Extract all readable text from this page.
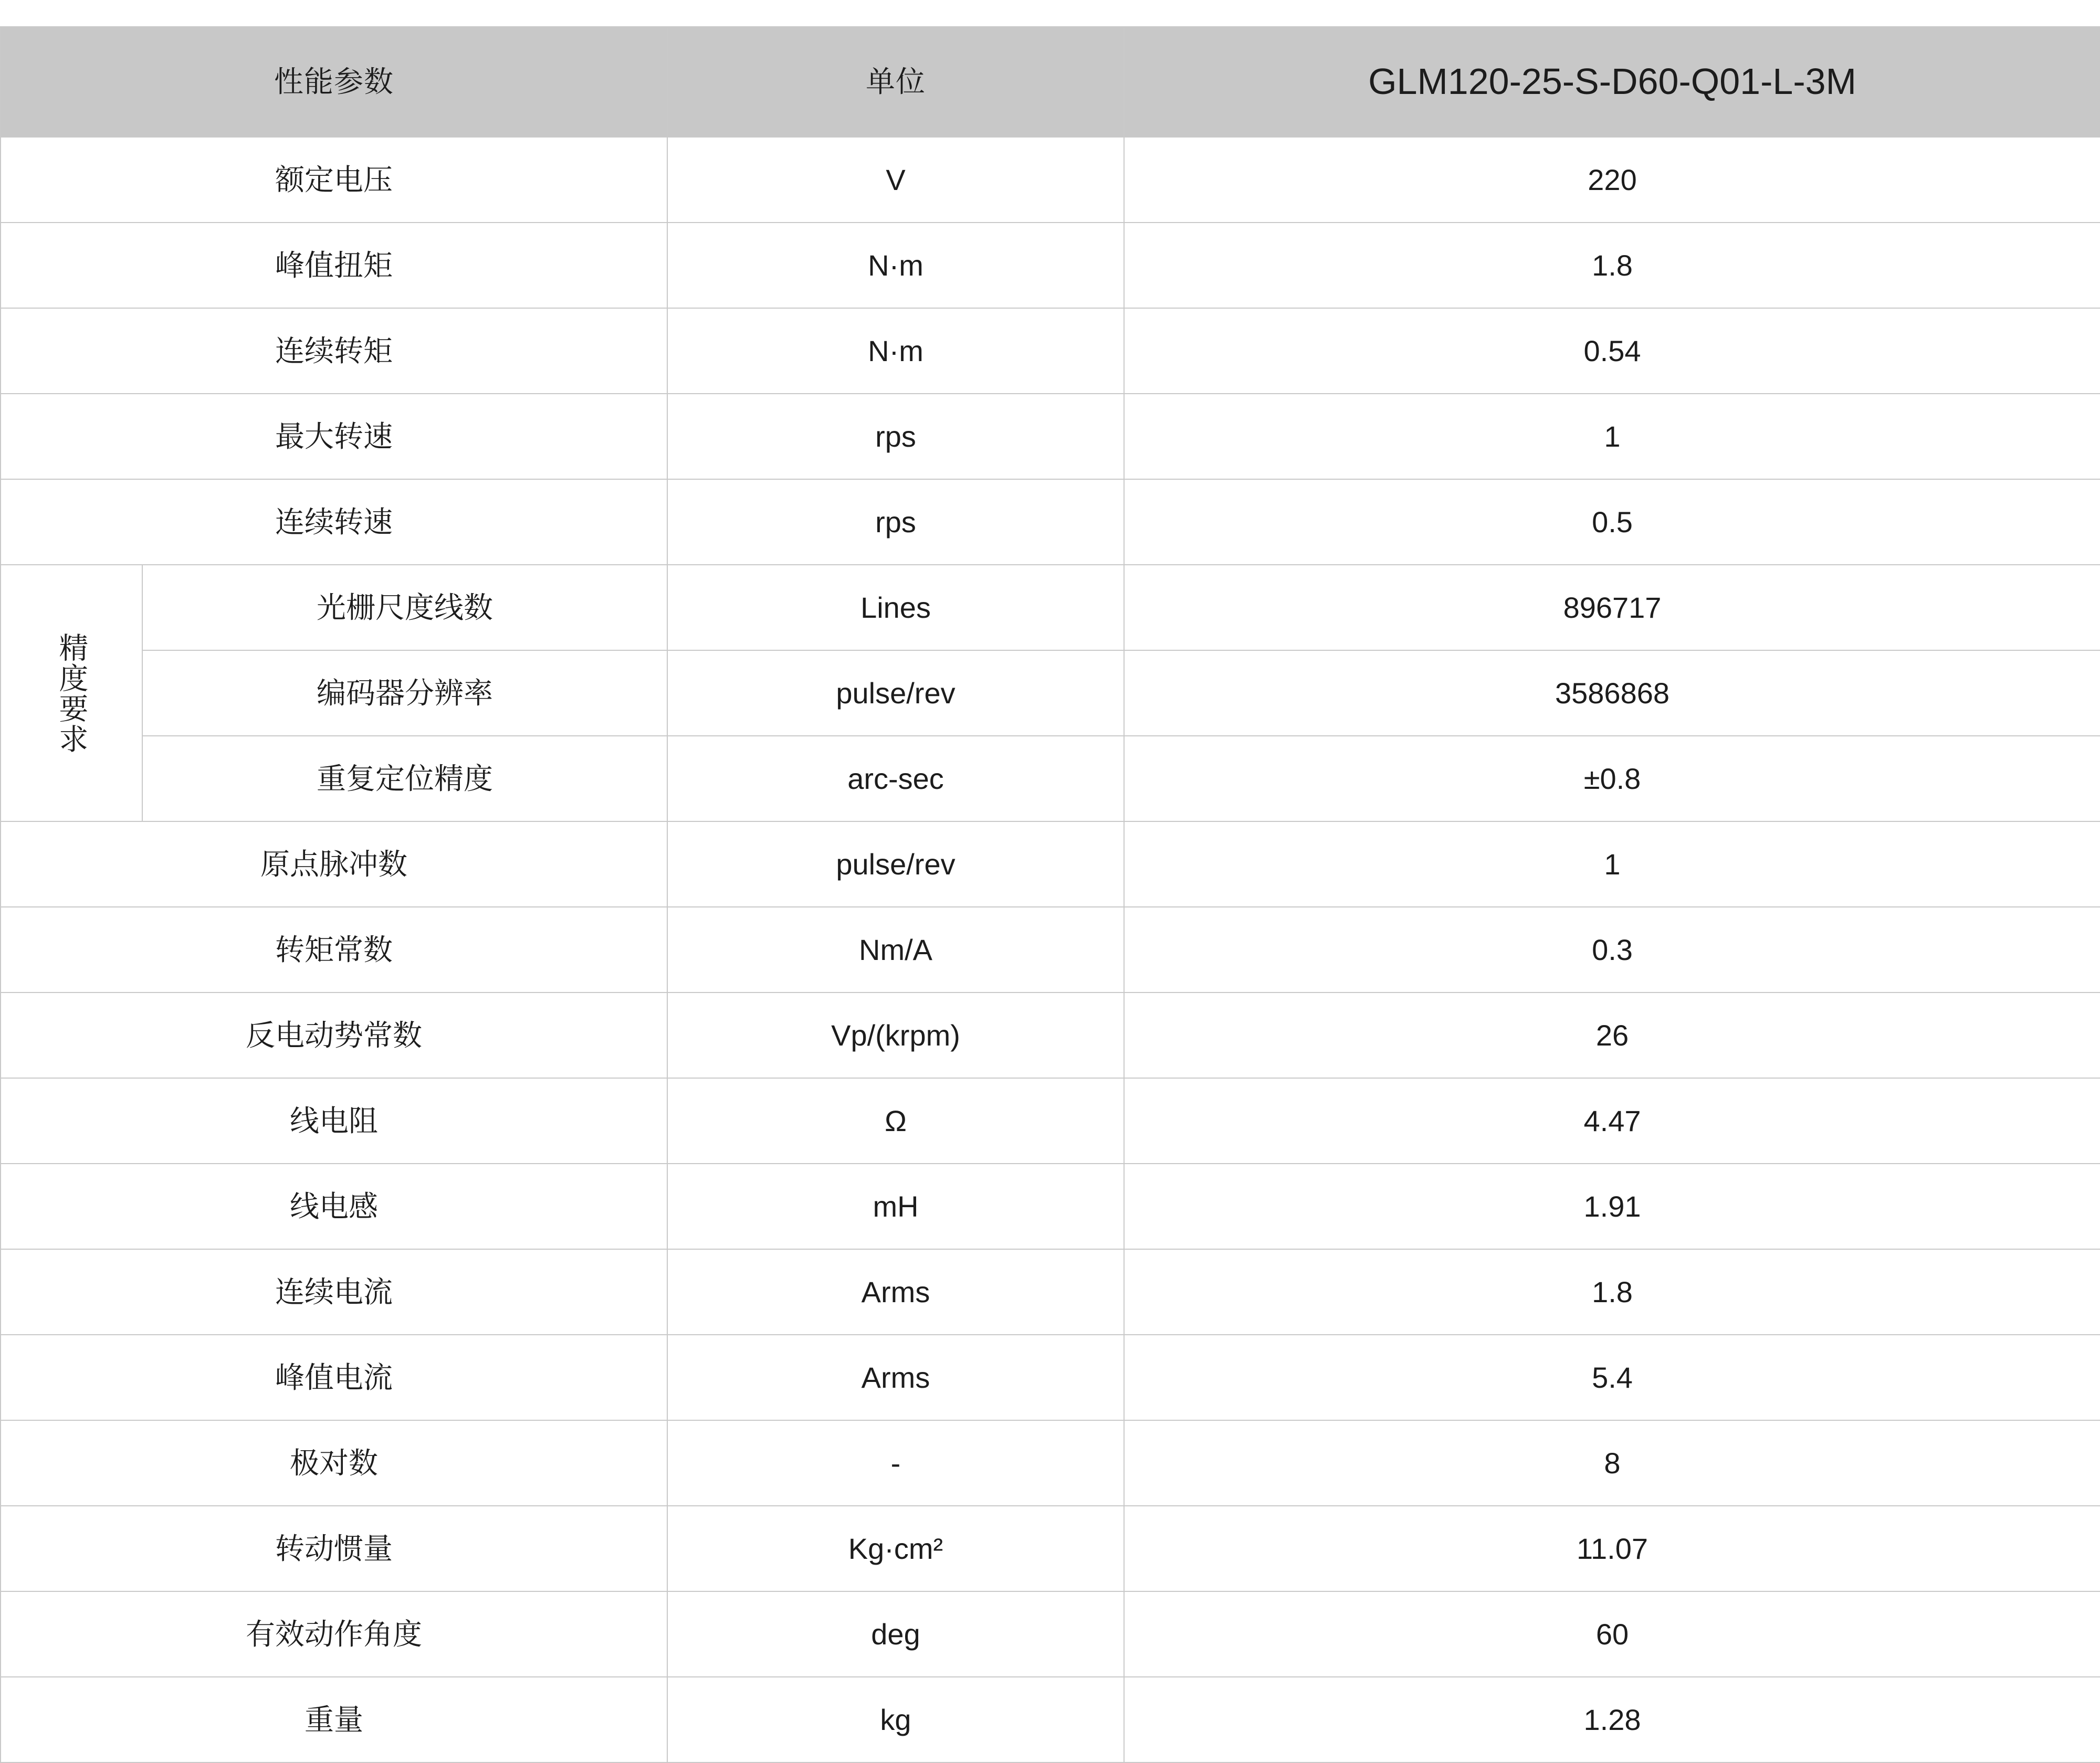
性能参数		单位	GLM120-25-S-D60-Q01-L-3M
额定电压		V	220
峰值扭矩		N·m	1.8
连续转矩		N·m	0.54
最大转速		rps	1
连续转速		rps	0.5

精度要求	光栅尺度线数	Lines	896717
	编码器分辨率	pulse/rev	3586868
	重复定位精度	arc-sec	±0.8
原点脉冲数		pulse/rev	1
转矩常数		Nm/A	0.3
反电动势常数		Vp/(krpm)	26
线电阻		Ω	4.47
线电感		mH	1.91
连续电流		Arms	1.8
峰值电流		Arms	5.4
极对数		-	8
转动惯量		Kg·cm²	11.07
有效动作角度		deg	60
重量		kg	1.28
